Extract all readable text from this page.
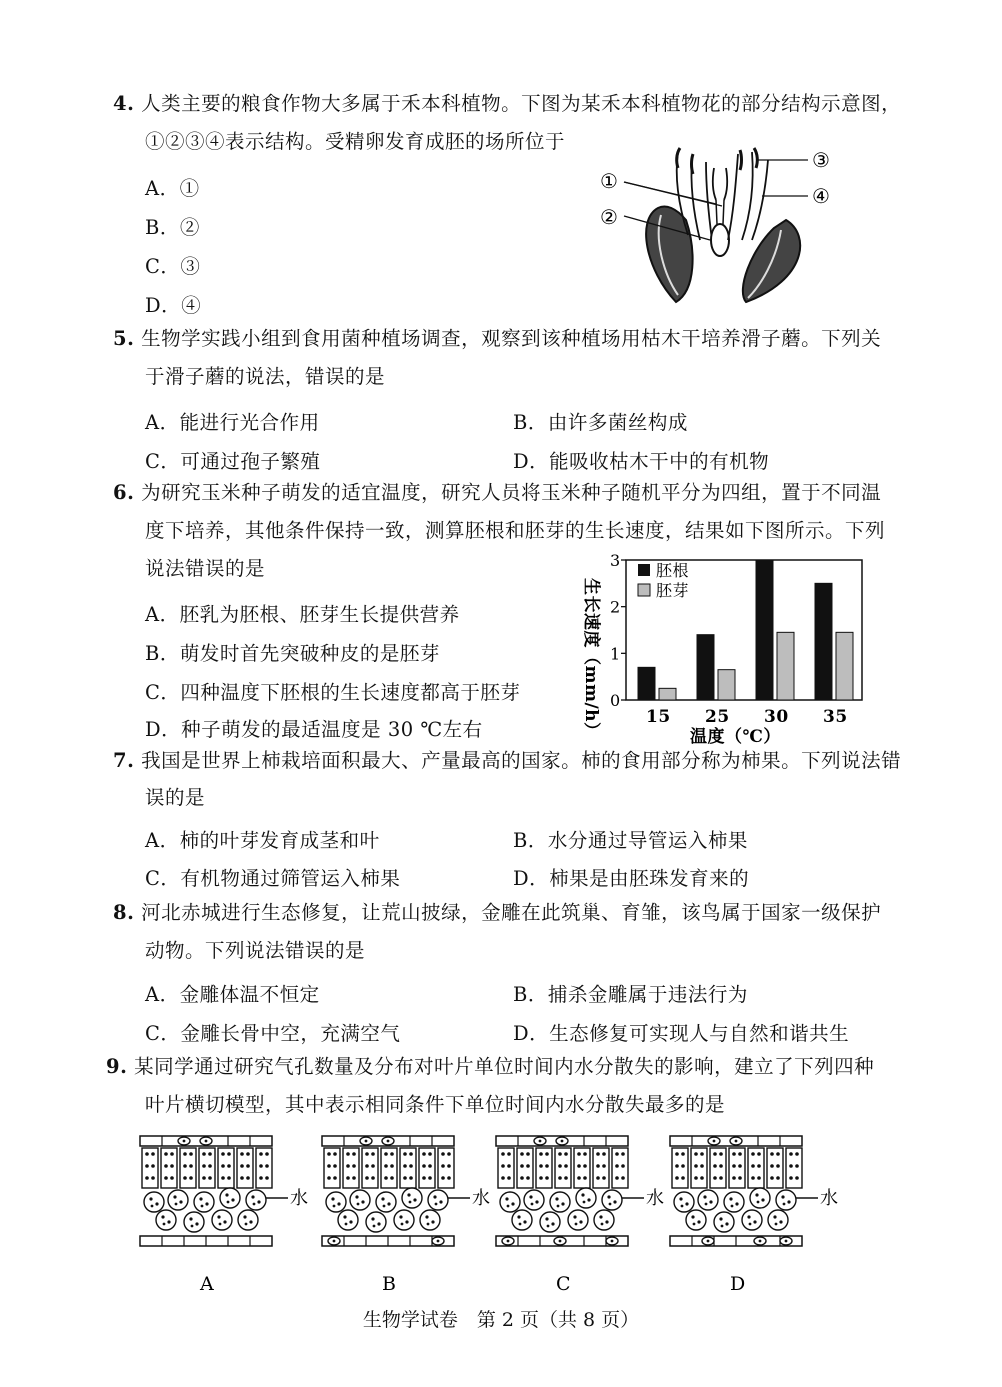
4. 人类主要的粮食作物大多属于禾本科植物。下图为某禾本科植物花的部分结构示意图，
①②③④表示结构。受精卵发育成胚的场所位于
A．①
B．②
C．③
D．④
①
②
③
④
5. 生物学实践小组到食用菌种植场调查，观察到该种植场用枯木干培养滑子蘑。下列关
于滑子蘑的说法，错误的是
A．能进行光合作用	B．由许多菌丝构成
C．可通过孢子繁殖	D．能吸收枯木干中的有机物
6. 为研究玉米种子萌发的适宜温度，研究人员将玉米种子随机平分为四组，置于不同温
度下培养，其他条件保持一致，测算胚根和胚芽的生长速度，结果如下图所示。下列
说法错误的是
A．胚乳为胚根、胚芽生长提供营养
B．萌发时首先突破种皮的是胚芽
C．四种温度下胚根的生长速度都高于胚芽
D．种子萌发的最适温度是 30 ℃左右	生长速度（mm/h） 0
1
2
3
15 25 30 35
胚根
胚芽
温度（℃）
7. 我国是世界上柿栽培面积最大、产量最高的国家。柿的食用部分称为柿果。下列说法错
误的是
A．柿的叶芽发育成茎和叶	B．水分通过导管运入柿果
C．有机物通过筛管运入柿果	D．柿果是由胚珠发育来的
8. 河北赤城进行生态修复，让荒山披绿，金雕在此筑巢、育雏，该鸟属于国家一级保护
动物。下列说法错误的是
A．金雕体温不恒定	B．捕杀金雕属于违法行为
C．金雕长骨中空，充满空气	D．生态修复可实现人与自然和谐共生
9. 某同学通过研究气孔数量及分布对叶片单位时间内水分散失的影响，建立了下列四种
叶片横切模型，其中表示相同条件下单位时间内水分散失最多的是
水
A
水
B
水
C
水
D
生物学试卷　第 2 页（共 8 页）
